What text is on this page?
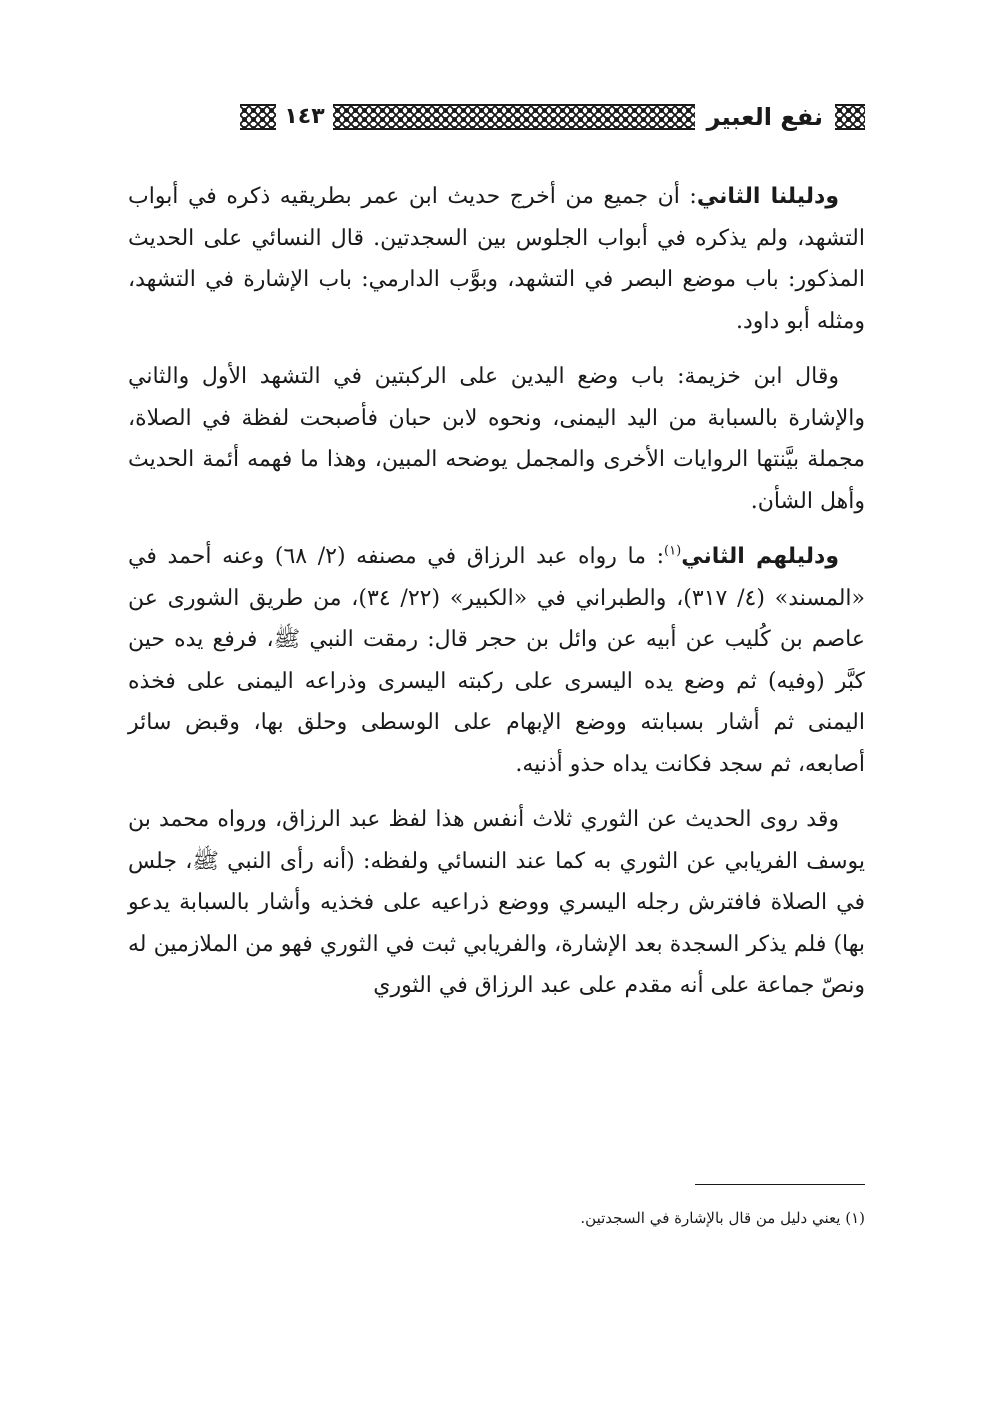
نفع العبير
١٤٣

ودليلنا الثاني: أن جميع من أخرج حديث ابن عمر بطريقيه ذكره في أبواب التشهد، ولم يذكره في أبواب الجلوس بين السجدتين. قال النسائي على الحديث المذكور: باب موضع البصر في التشهد، وبوَّب الدارمي: باب الإشارة في التشهد، ومثله أبو داود.

وقال ابن خزيمة: باب وضع اليدين على الركبتين في التشهد الأول والثاني والإشارة بالسبابة من اليد اليمنى، ونحوه لابن حبان فأصبحت لفظة في الصلاة، مجملة بيَّنتها الروايات الأخرى والمجمل يوضحه المبين، وهذا ما فهمه أئمة الحديث وأهل الشأن.

ودليلهم الثاني$^{(١)}$: ما رواه عبد الرزاق في مصنفه (٢/ ٦٨) وعنه أحمد في «المسند» (٤/ ٣١٧)، والطبراني في «الكبير» (٢٢/ ٣٤)، من طريق الشورى عن عاصم بن كُليب عن أبيه عن وائل بن حجر قال: رمقت النبي ﷺ، فرفع يده حين كبَّر (وفيه) ثم وضع يده اليسرى على ركبته اليسرى وذراعه اليمنى على فخذه اليمنى ثم أشار بسبابته ووضع الإبهام على الوسطى وحلق بها، وقبض سائر أصابعه، ثم سجد فكانت يداه حذو أذنيه.

وقد روى الحديث عن الثوري ثلاث أنفس هذا لفظ عبد الرزاق، ورواه محمد بن يوسف الفريابي عن الثوري به كما عند النسائي ولفظه: (أنه رأى النبي ﷺ، جلس في الصلاة فافترش رجله اليسري ووضع ذراعيه على فخذيه وأشار بالسبابة يدعو بها) فلم يذكر السجدة بعد الإشارة، والفريابي ثبت في الثوري فهو من الملازمين له ونصّ جماعة على أنه مقدم على عبد الرزاق في الثوري

(١) يعني دليل من قال بالإشارة في السجدتين.
